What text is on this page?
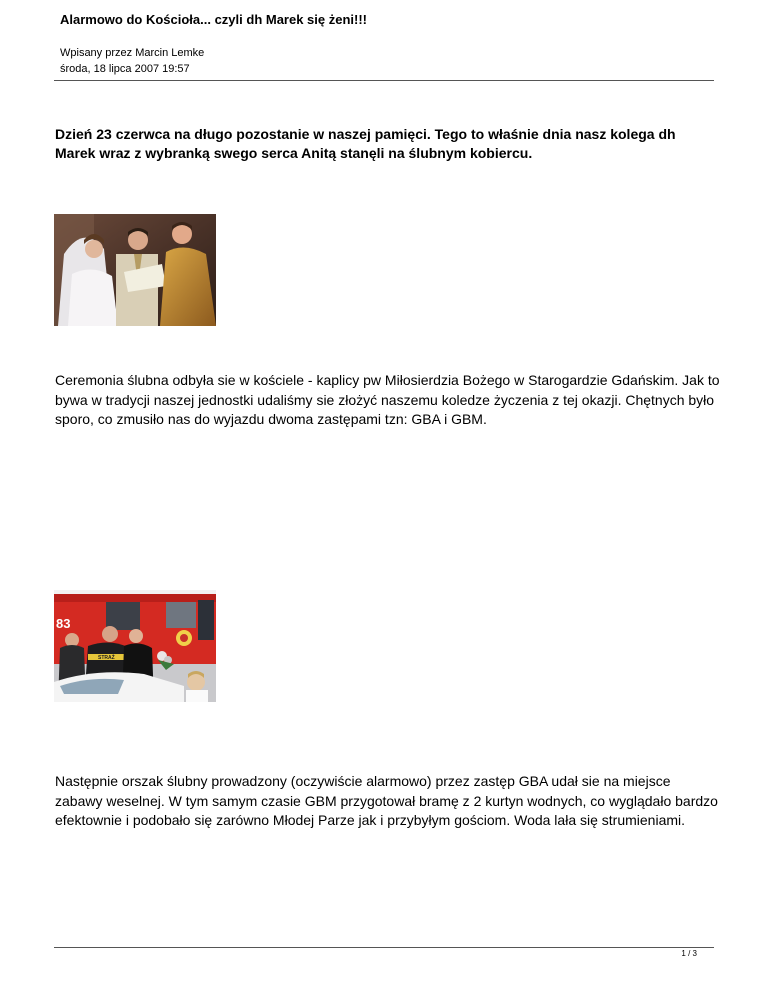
Alarmowo do Kościoła... czyli dh Marek się żeni!!!
Wpisany przez Marcin Lemke
środa, 18 lipca 2007 19:57

Dzień 23 czerwca na długo pozostanie w naszej pamięci. Tego to właśnie dnia nasz kolega dh Marek wraz z wybranką swego serca Anitą stanęli na ślubnym kobiercu.

Ceremonia ślubna odbyła sie w kościele - kaplicy pw Miłosierdzia Bożego w Starogardzie Gdańskim. Jak to bywa w tradycji naszej jednostki udaliśmy sie złożyć naszemu koledze życzenia z tej okazji. Chętnych było sporo, co zmusiło nas do wyjazdu dwoma zastępami tzn: GBA i GBM.

83
STRAŻ

Następnie orszak ślubny prowadzony (oczywiście alarmowo) przez zastęp GBA udał sie na miejsce zabawy weselnej. W tym samym czasie GBM przygotował bramę z 2 kurtyn wodnych, co wyglądało bardzo efektownie i podobało się zarówno Młodej Parze jak i przybyłym gościom. Woda lała się strumieniami.

1 / 3
